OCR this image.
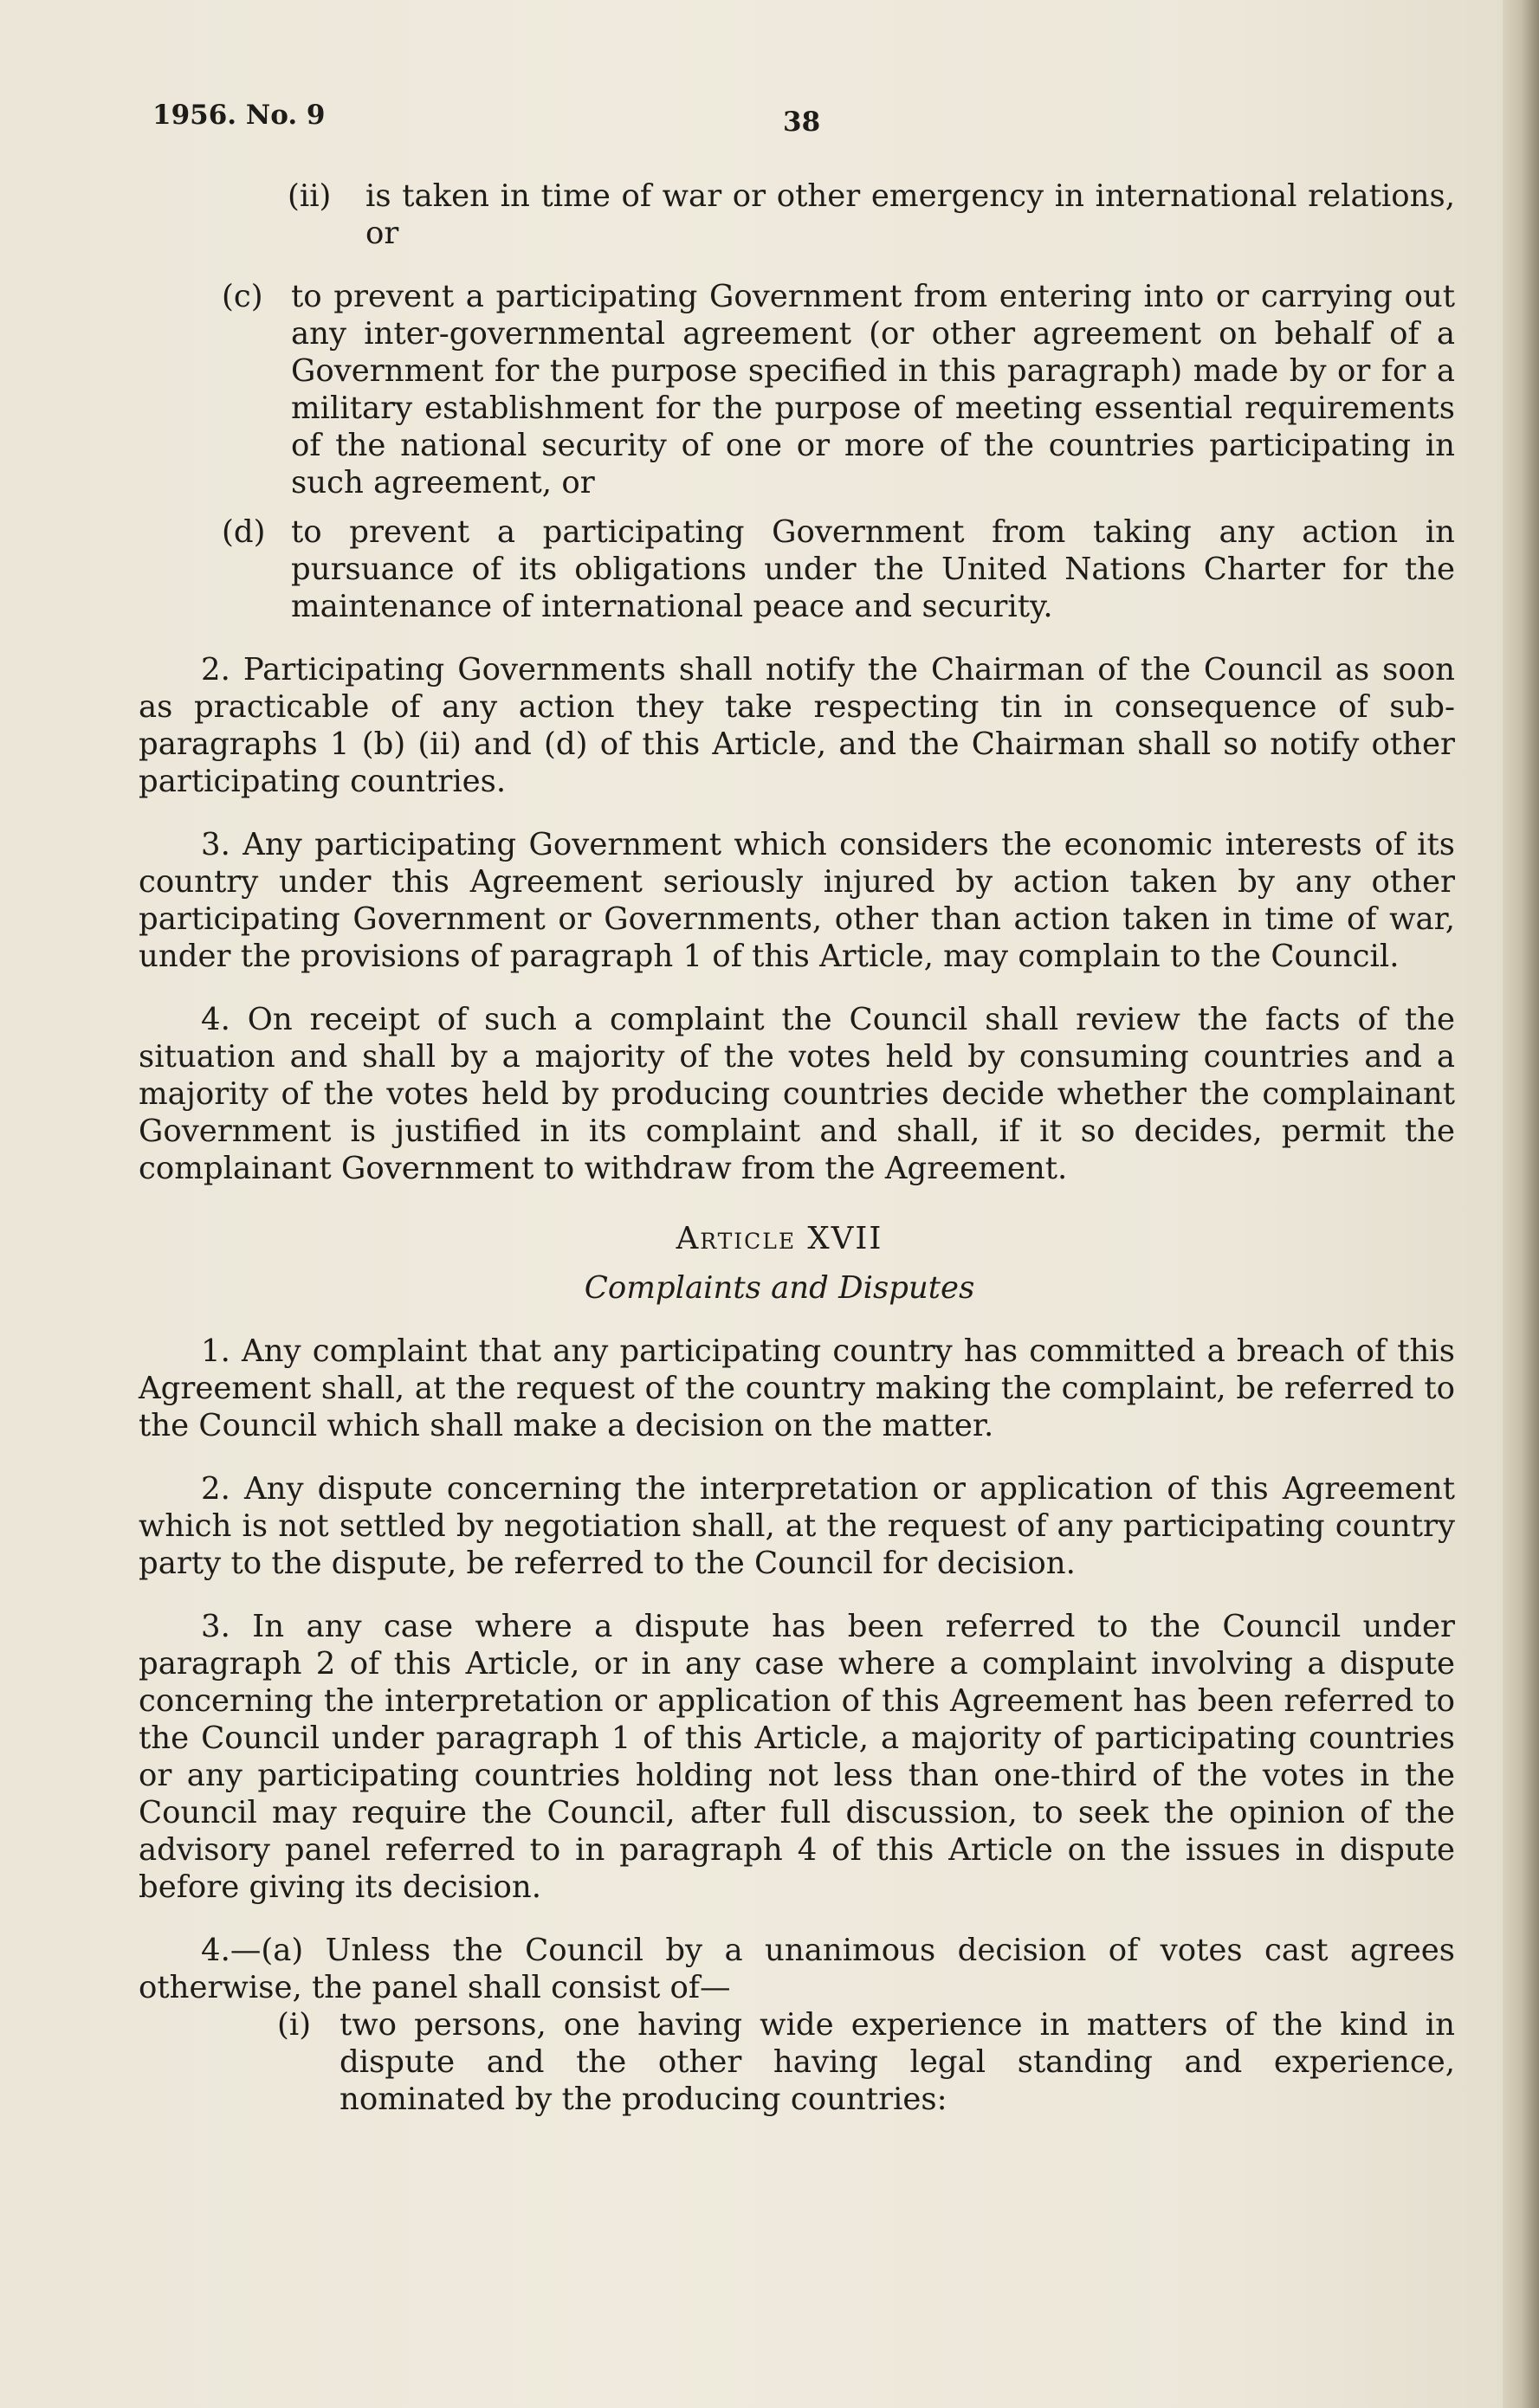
1956. No. 9	38
(ii)	is taken in time of war or other emergency in international relations, or
(c) to prevent a participating Government from entering into or carrying out any inter-governmental agreement (or other agreement on behalf of a Government for the purpose specified in this paragraph) made by or for a military establishment for the purpose of meeting essential requirements of the national security of one or more of the countries participating in such agreement, or
(d) to prevent a participating Government from taking any action in pursuance of its obligations under the United Nations Charter for the maintenance of international peace and security.

2. Participating Governments shall notify the Chairman of the Council as soon as practicable of any action they take respecting tin in consequence of sub-paragraphs 1 (b) (ii) and (d) of this Article, and the Chairman shall so notify other participating countries.

3. Any participating Government which considers the economic interests of its country under this Agreement seriously injured by action taken by any other participating Government or Governments, other than action taken in time of war, under the provisions of paragraph 1 of this Article, may complain to the Council.

4. On receipt of such a complaint the Council shall review the facts of the situation and shall by a majority of the votes held by consuming countries and a majority of the votes held by producing countries decide whether the complainant Government is justified in its complaint and shall, if it so decides, permit the complainant Government to withdraw from the Agreement.

Article XVII

Complaints and Disputes

1. Any complaint that any participating country has committed a breach of this Agreement shall, at the request of the country making the complaint, be referred to the Council which shall make a decision on the matter.

2. Any dispute concerning the interpretation or application of this Agreement which is not settled by negotiation shall, at the request of any participating country party to the dispute, be referred to the Council for decision.

3. In any case where a dispute has been referred to the Council under paragraph 2 of this Article, or in any case where a complaint involving a dispute concerning the interpretation or application of this Agreement has been referred to the Council under paragraph 1 of this Article, a majority of participating countries or any participating countries holding not less than one-third of the votes in the Council may require the Council, after full discussion, to seek the opinion of the advisory panel referred to in paragraph 4 of this Article on the issues in dispute before giving its decision.

4.—(a) Unless the Council by a unanimous decision of votes cast agrees otherwise, the panel shall consist of—

(i) two persons, one having wide experience in matters of the kind in dispute and the other having legal standing and experience, nominated by the producing countries:
